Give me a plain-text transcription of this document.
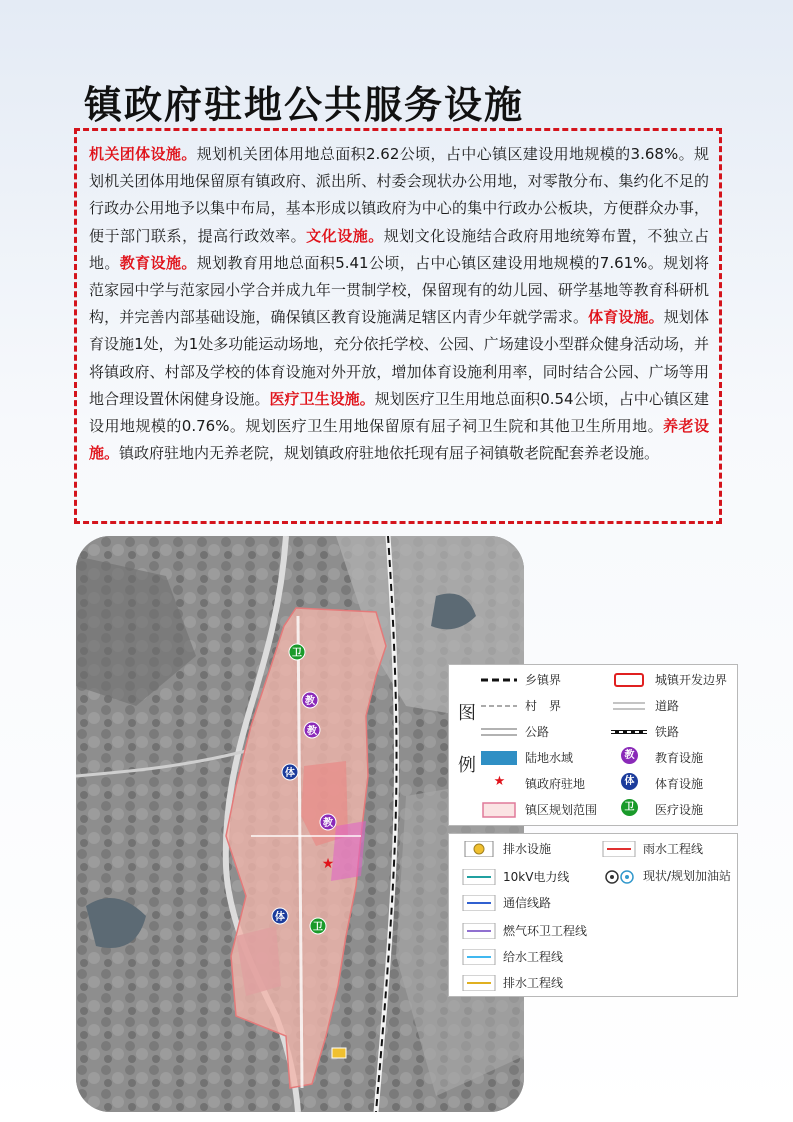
镇政府驻地公共服务设施
机关团体设施。规划机关团体用地总面积2.62公顷，占中心镇区建设用地规模的3.68%。规划机关团体用地保留原有镇政府、派出所、村委会现状办公用地，对零散分布、集约化不足的行政办公用地予以集中布局，基本形成以镇政府为中心的集中行政办公板块，方便群众办事，便于部门联系，提高行政效率。文化设施。规划文化设施结合政府用地统筹布置，不独立占地。教育设施。规划教育用地总面积5.41公顷，占中心镇区建设用地规模的7.61%。规划将范家园中学与范家园小学合并成九年一贯制学校，保留现有的幼儿园、研学基地等教育科研机构，并完善内部基础设施，确保镇区教育设施满足辖区内青少年就学需求。体育设施。规划体育设施1处，为1处多功能运动场地，充分依托学校、公园、广场建设小型群众健身活动场，并将镇政府、村部及学校的体育设施对外开放，增加体育设施利用率，同时结合公园、广场等用地合理设置休闲健身设施。医疗卫生设施。规划医疗卫生用地总面积0.54公顷，占中心镇区建设用地规模的0.76%。规划医疗卫生用地保留原有屈子祠卫生院和其他卫生所用地。养老设施。镇政府驻地内无养老院，规划镇政府驻地依托现有屈子祠镇敬老院配套养老设施。
卫
教
教
体
教
★
体
卫
图
例
乡镇界	城镇开发边界
村　界	道路
公路	铁路
陆地水域	教 教育设施
★ 镇政府驻地	体 体育设施
镇区规划范围	卫 医疗设施
排水设施	雨水工程线
10kV电力线	现状/规划加油站
通信线路
燃气环卫工程线
给水工程线
排水工程线
